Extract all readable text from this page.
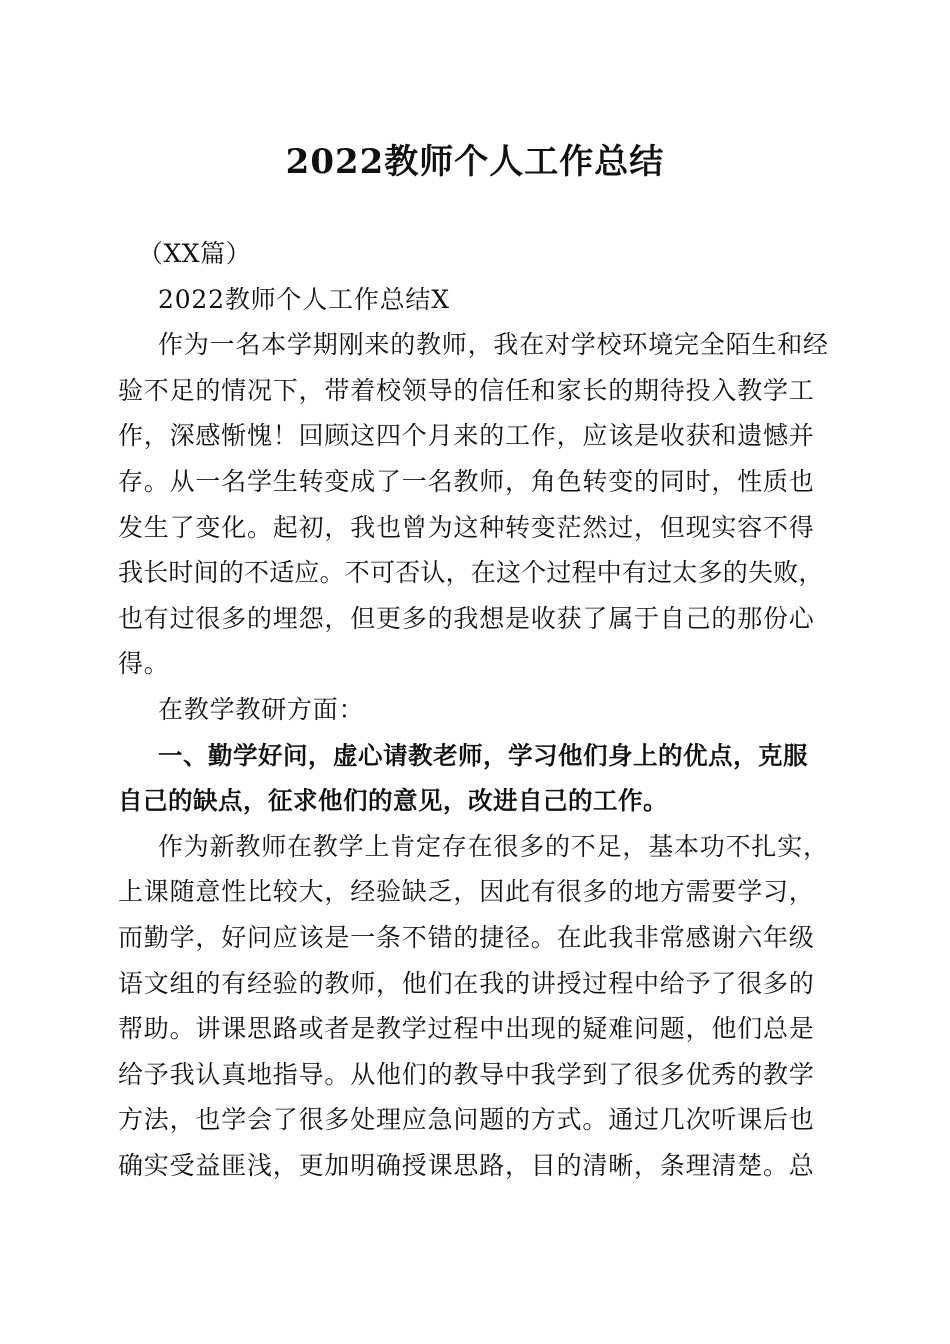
2022教师个人工作总结
（XX篇）
2022教师个人工作总结X
作为一名本学期刚来的教师，我在对学校环境完全陌生和经
验不足的情况下，带着校领导的信任和家长的期待投入教学工
作，深感惭愧！回顾这四个月来的工作，应该是收获和遗憾并
存。从一名学生转变成了一名教师，角色转变的同时，性质也
发生了变化。起初，我也曾为这种转变茫然过，但现实容不得
我长时间的不适应。不可否认，在这个过程中有过太多的失败，
也有过很多的埋怨，但更多的我想是收获了属于自己的那份心
得。
在教学教研方面：
一、勤学好问，虚心请教老师，学习他们身上的优点，克服
自己的缺点，征求他们的意见，改进自己的工作。
作为新教师在教学上肯定存在很多的不足，基本功不扎实，
上课随意性比较大，经验缺乏，因此有很多的地方需要学习，
而勤学，好问应该是一条不错的捷径。在此我非常感谢六年级
语文组的有经验的教师，他们在我的讲授过程中给予了很多的
帮助。讲课思路或者是教学过程中出现的疑难问题，他们总是
给予我认真地指导。从他们的教导中我学到了很多优秀的教学
方法，也学会了很多处理应急问题的方式。通过几次听课后也
确实受益匪浅，更加明确授课思路，目的清晰，条理清楚。总
